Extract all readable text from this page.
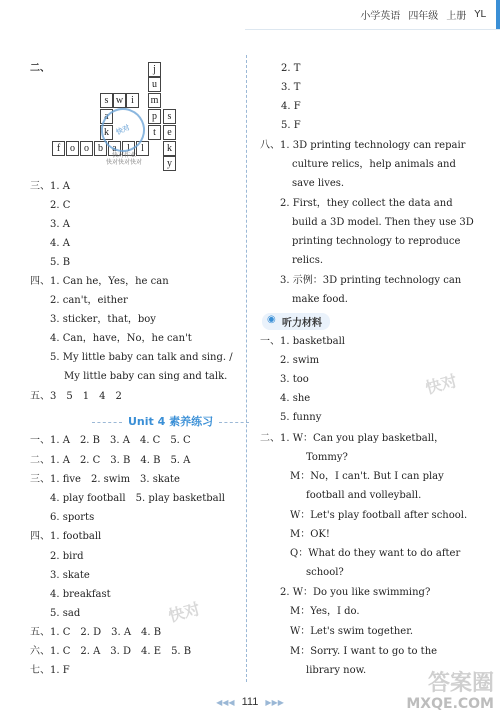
小学英语 四年级 上册 YL
二、	j
u
m
p
s w i
a
k	t	e
f o o b a	l	l
s
k
y
快对
快对作业
快对快对快对
三、1. A
2. C
3. A
4. A
5. B
四、1. Can he，Yes，he can
2. can't，either
3. sticker，that，boy
4. Can，have，No，he can't
5. My little baby can talk and sing. /
My little baby can sing and talk.
五、3　5　1　4　2
Unit 4 素养练习
一、1. A　2. B　3. A　4. C　5. C
二、1. A　2. C　3. B　4. B　5. A
三、1. five　2. swim　3. skate
4. play football　5. play basketball
6. sports
四、1. football
2. bird
3. skate
4. breakfast
5. sad
五、1. C　2. D　3. A　4. B
六、1. C　2. A　3. D　4. E　5. B
七、1. F
2. T
3. T
4. F
5. F
八、1. 3D printing technology can repair
culture relics，help animals and
save lives.
2. First，they collect the data and
build a 3D model. Then they use 3D
printing technology to reproduce
relics.
3. 示例：3D printing technology can
make food.
◉ 听力材料
一、1. basketball
2. swim
3. too
4. she
5. funny
二、1. W：Can you play basketball，
Tommy?
M：No，I can't. But I can play
football and volleyball.
W：Let's play football after school.
M：OK!
Q：What do they want to do after
school?
2. W：Do you like swimming?
M：Yes，I do.
W：Let's swim together.
M：Sorry. I want to go to the
library now.
快对
快对
◀◀◀ 111 ▶▶▶
答案圈
MXQE.COM
